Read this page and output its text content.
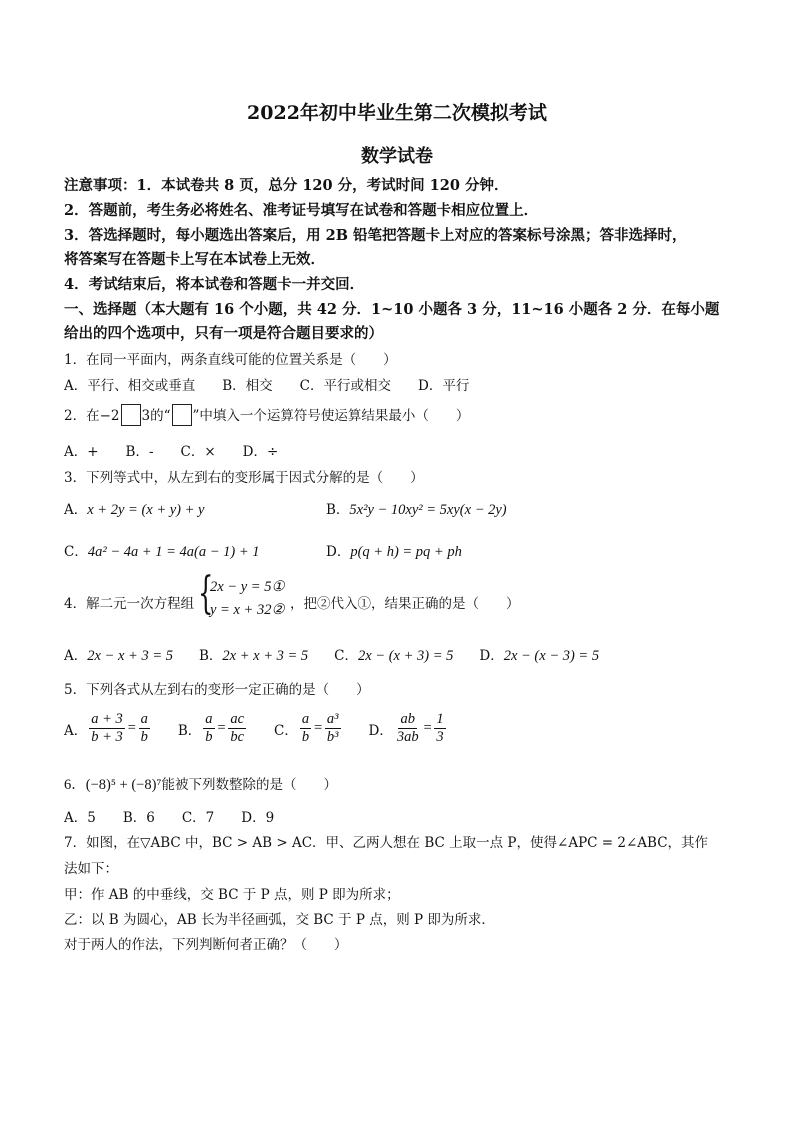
2022年初中毕业生第二次模拟考试
数学试卷
注意事项：1．本试卷共 8 页，总分 120 分，考试时间 120 分钟．
2．答题前，考生务必将姓名、准考证号填写在试卷和答题卡相应位置上．
3．答选择题时，每小题选出答案后，用 2B 铅笔把答题卡上对应的答案标号涂黑；答非选择时，
将答案写在答题卡上写在本试卷上无效．
4．考试结束后，将本试卷和答题卡一并交回．
一、选择题（本大题有 16 个小题，共 42 分．1~10 小题各 3 分，11~16 小题各 2 分．在每小题
给出的四个选项中，只有一项是符合题目要求的）
1．在同一平面内，两条直线可能的位置关系是（　　）
A．平行、相交或垂直　　B．相交　　C．平行或相交　　D．平行
2．在−2 3的“ ”中填入一个运算符号使运算结果最小（　　）
A．+　　B．-　　C．×　　D．÷
3．下列等式中，从左到右的变形属于因式分解的是（　　）
A．x + 2y = (x + y) + y	B．5x²y − 10xy² = 5xy(x − 2y)
C．4a² − 4a + 1 = 4a(a − 1) + 1	D．p(q + h) = pq + ph
4．解二元一次方程组 {
2x − y = 5①
y = x + 32② ，把②代入①，结果正确的是（　　）
A．2x − x + 3 = 5 B．2x + x + 3 = 5 C．2x − (x + 3) = 5 D．2x − (x − 3) = 5
5．下列各式从左到右的变形一定正确的是（　　）
A． $\frac{a + 3}{b + 3} = \frac{a}{b}$ B． $\frac{a}{b} = \frac{ac}{bc}$ C． $\frac{a}{b} = \frac{\text{a³}}{\text{b³}}$ D． $\frac{ab}{3ab} = \frac{1}{3}$
6．(−8)⁵ + (−8)⁷能被下列数整除的是（　　）
A．5　　B．6　　C．7　　D．9
7．如图，在▽ABC 中，BC > AB > AC．甲、乙两人想在 BC 上取一点 P，使得∠APC = 2∠ABC，其作
法如下：
甲：作 AB 的中垂线，交 BC 于 P 点，则 P 即为所求；
乙：以 B 为圆心，AB 长为半径画弧，交 BC 于 P 点，则 P 即为所求．
对于两人的作法，下列判断何者正确？（　　）
